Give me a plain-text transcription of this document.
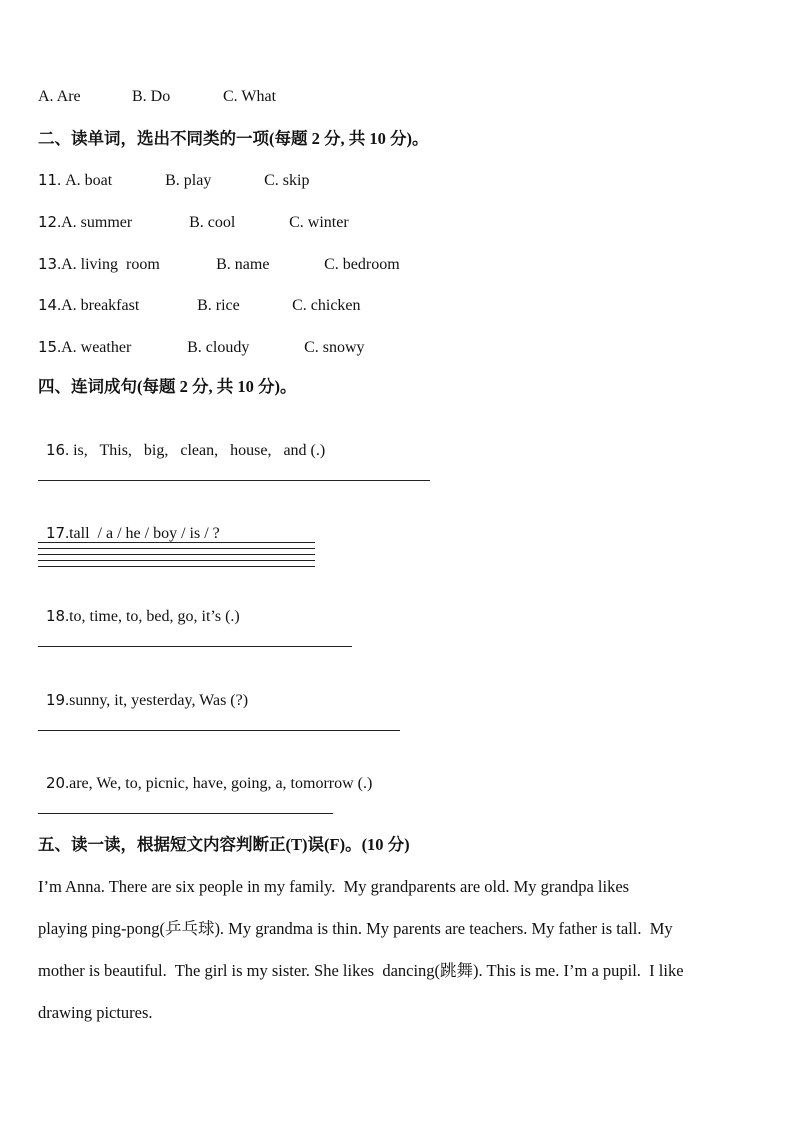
A. Are	B. Do	C. What
二、读单词，选出不同类的一项(每题 2 分, 共 10 分)。
11. A. boat	B. play	C. skip
12.A. summer	B. cool	C. winter
13.A. living  room	B. name	C. bedroom
14.A. breakfast	B. rice	C. chicken
15.A. weather	B. cloudy	C. snowy
四、连词成句(每题 2 分, 共 10 分)。

16. is,   This,   big,   clean,   house,   and (.)

17.tall  / a / he / boy / is / ?

18.to, time, to, bed, go, it’s (.)

19.sunny, it, yesterday, Was (?)

20.are, We, to, picnic, have, going, a, tomorrow (.)

五、读一读，根据短文内容判断正(T)误(F)。(10 分)
I’m Anna. There are six people in my family.  My grandparents are old. My grandpa likes
playing ping-pong(乒乓球). My grandma is thin. My parents are teachers. My father is tall.  My
mother is beautiful.  The girl is my sister. She likes  dancing(跳舞). This is me. I’m a pupil.  I like
drawing pictures.
